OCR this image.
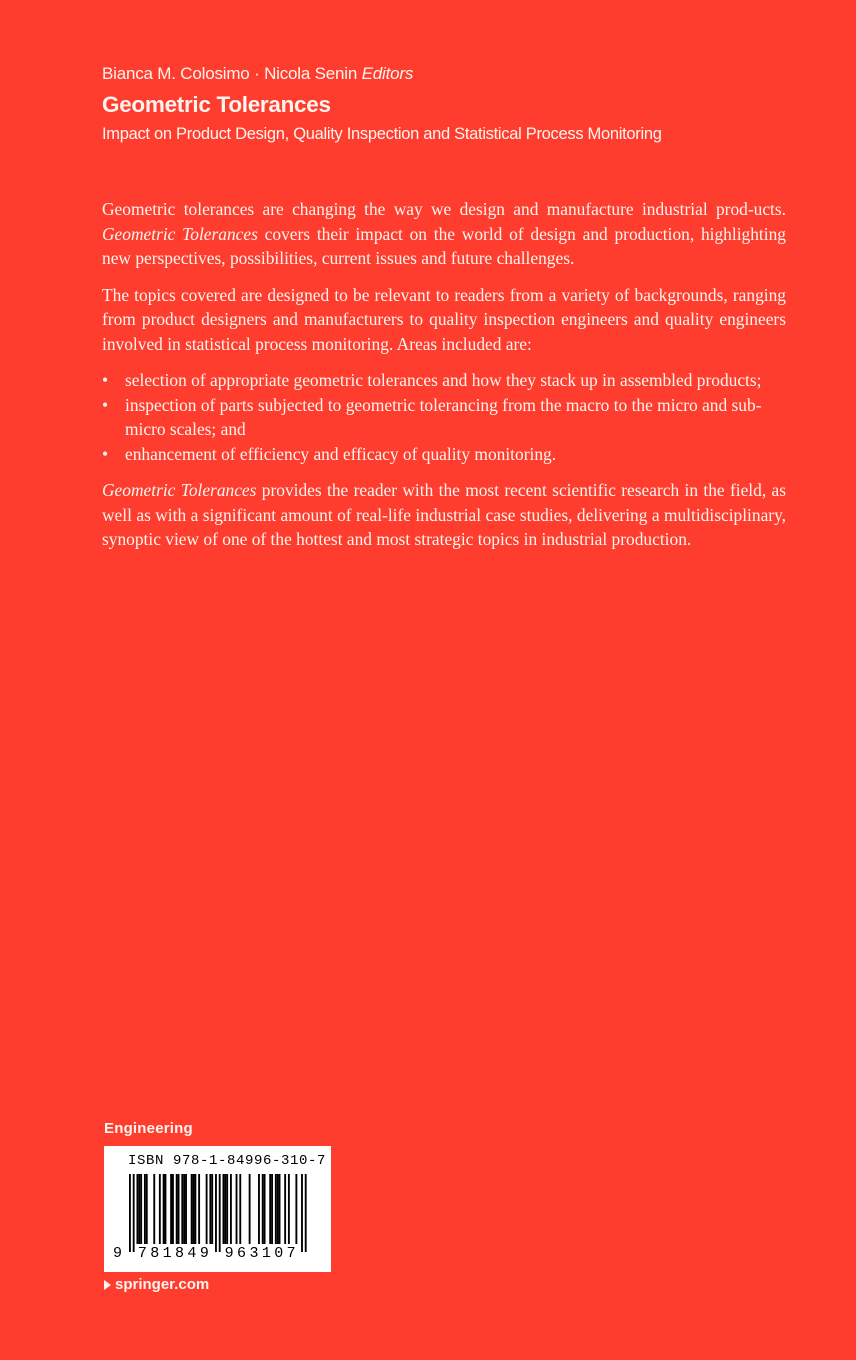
Bianca M. Colosimo · Nicola Senin Editors
Geometric Tolerances
Impact on Product Design, Quality Inspection and Statistical Process Monitoring

Geometric tolerances are changing the way we design and manufacture industrial prod-ucts. Geometric Tolerances covers their impact on the world of design and production, highlighting new perspectives, possibilities, current issues and future challenges.

The topics covered are designed to be relevant to readers from a variety of backgrounds, ranging from product designers and manufacturers to quality inspection engineers and quality engineers involved in statistical process monitoring. Areas included are:

• selection of appropriate geometric tolerances and how they stack up in assembled products;
• inspection of parts subjected to geometric tolerancing from the macro to the micro and sub-micro scales; and
• enhancement of efficiency and efficacy of quality monitoring.

Geometric Tolerances provides the reader with the most recent scientific research in the field, as well as with a significant amount of real-life industrial case studies, delivering a multidisciplinary, synoptic view of one of the hottest and most strategic topics in industrial production.

Engineering
ISBN 978-1-84996-310-7
9 781849 963107
springer.com
